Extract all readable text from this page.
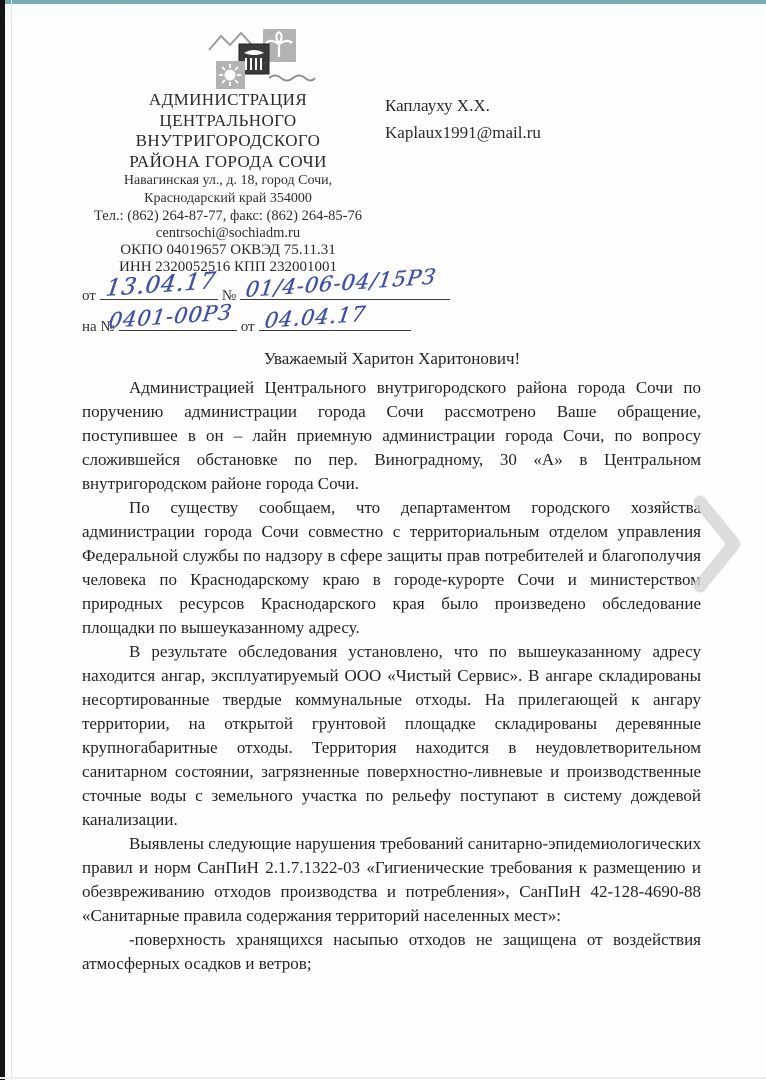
АДМИНИСТРАЦИЯ
ЦЕНТРАЛЬНОГО
ВНУТРИГОРОДСКОГО
РАЙОНА ГОРОДА СОЧИ
Навагинская ул., д. 18, город Сочи,
Краснодарский край 354000
Тел.: (862) 264-87-77, факс: (862) 264-85-76
centrsochi@sochiadm.ru
ОКПО 04019657 ОКВЭД 75.11.31
ИНН 2320052516 КПП 232001001
Каплауху Х.Х.
Kaplaux1991@mail.ru
от 13.04.17 № 01/4-06-04/15РЗ
на №
0401-00РЗ от 04.04.17
Уважаемый Харитон Харитонович!

Администрацией Центрального внутригородского района города Сочи по поручению администрации города Сочи рассмотрено Ваше обращение, поступившее в он – лайн приемную администрации города Сочи, по вопросу сложившейся обстановке по пер. Виноградному, 30 «А» в Центральном внутригородском районе города Сочи.

По существу сообщаем, что департаментом городского хозяйства администрации города Сочи совместно с территориальным отделом управления Федеральной службы по надзору в сфере защиты прав потребителей и благополучия человека по Краснодарскому краю в городе-курорте Сочи и министерством природных ресурсов Краснодарского края было произведено обследование площадки по вышеуказанному адресу.

В результате обследования установлено, что по вышеуказанному адресу находится ангар, эксплуатируемый ООО «Чистый Сервис». В ангаре складированы несортированные твердые коммунальные отходы. На прилегающей к ангару территории, на открытой грунтовой площадке складированы деревянные крупногабаритные отходы. Территория находится в неудовлетворительном санитарном состоянии, загрязненные поверхностно-ливневые и производственные сточные воды с земельного участка по рельефу поступают в систему дождевой канализации.

Выявлены следующие нарушения требований санитарно-эпидемиологических правил и норм СанПиН 2.1.7.1322-03 «Гигиенические требования к размещению и обезвреживанию отходов производства и потребления», СанПиН 42-128-4690-88 «Санитарные правила содержания территорий населенных мест»:

-поверхность хранящихся насыпью отходов не защищена от воздействия атмосферных осадков и ветров;
